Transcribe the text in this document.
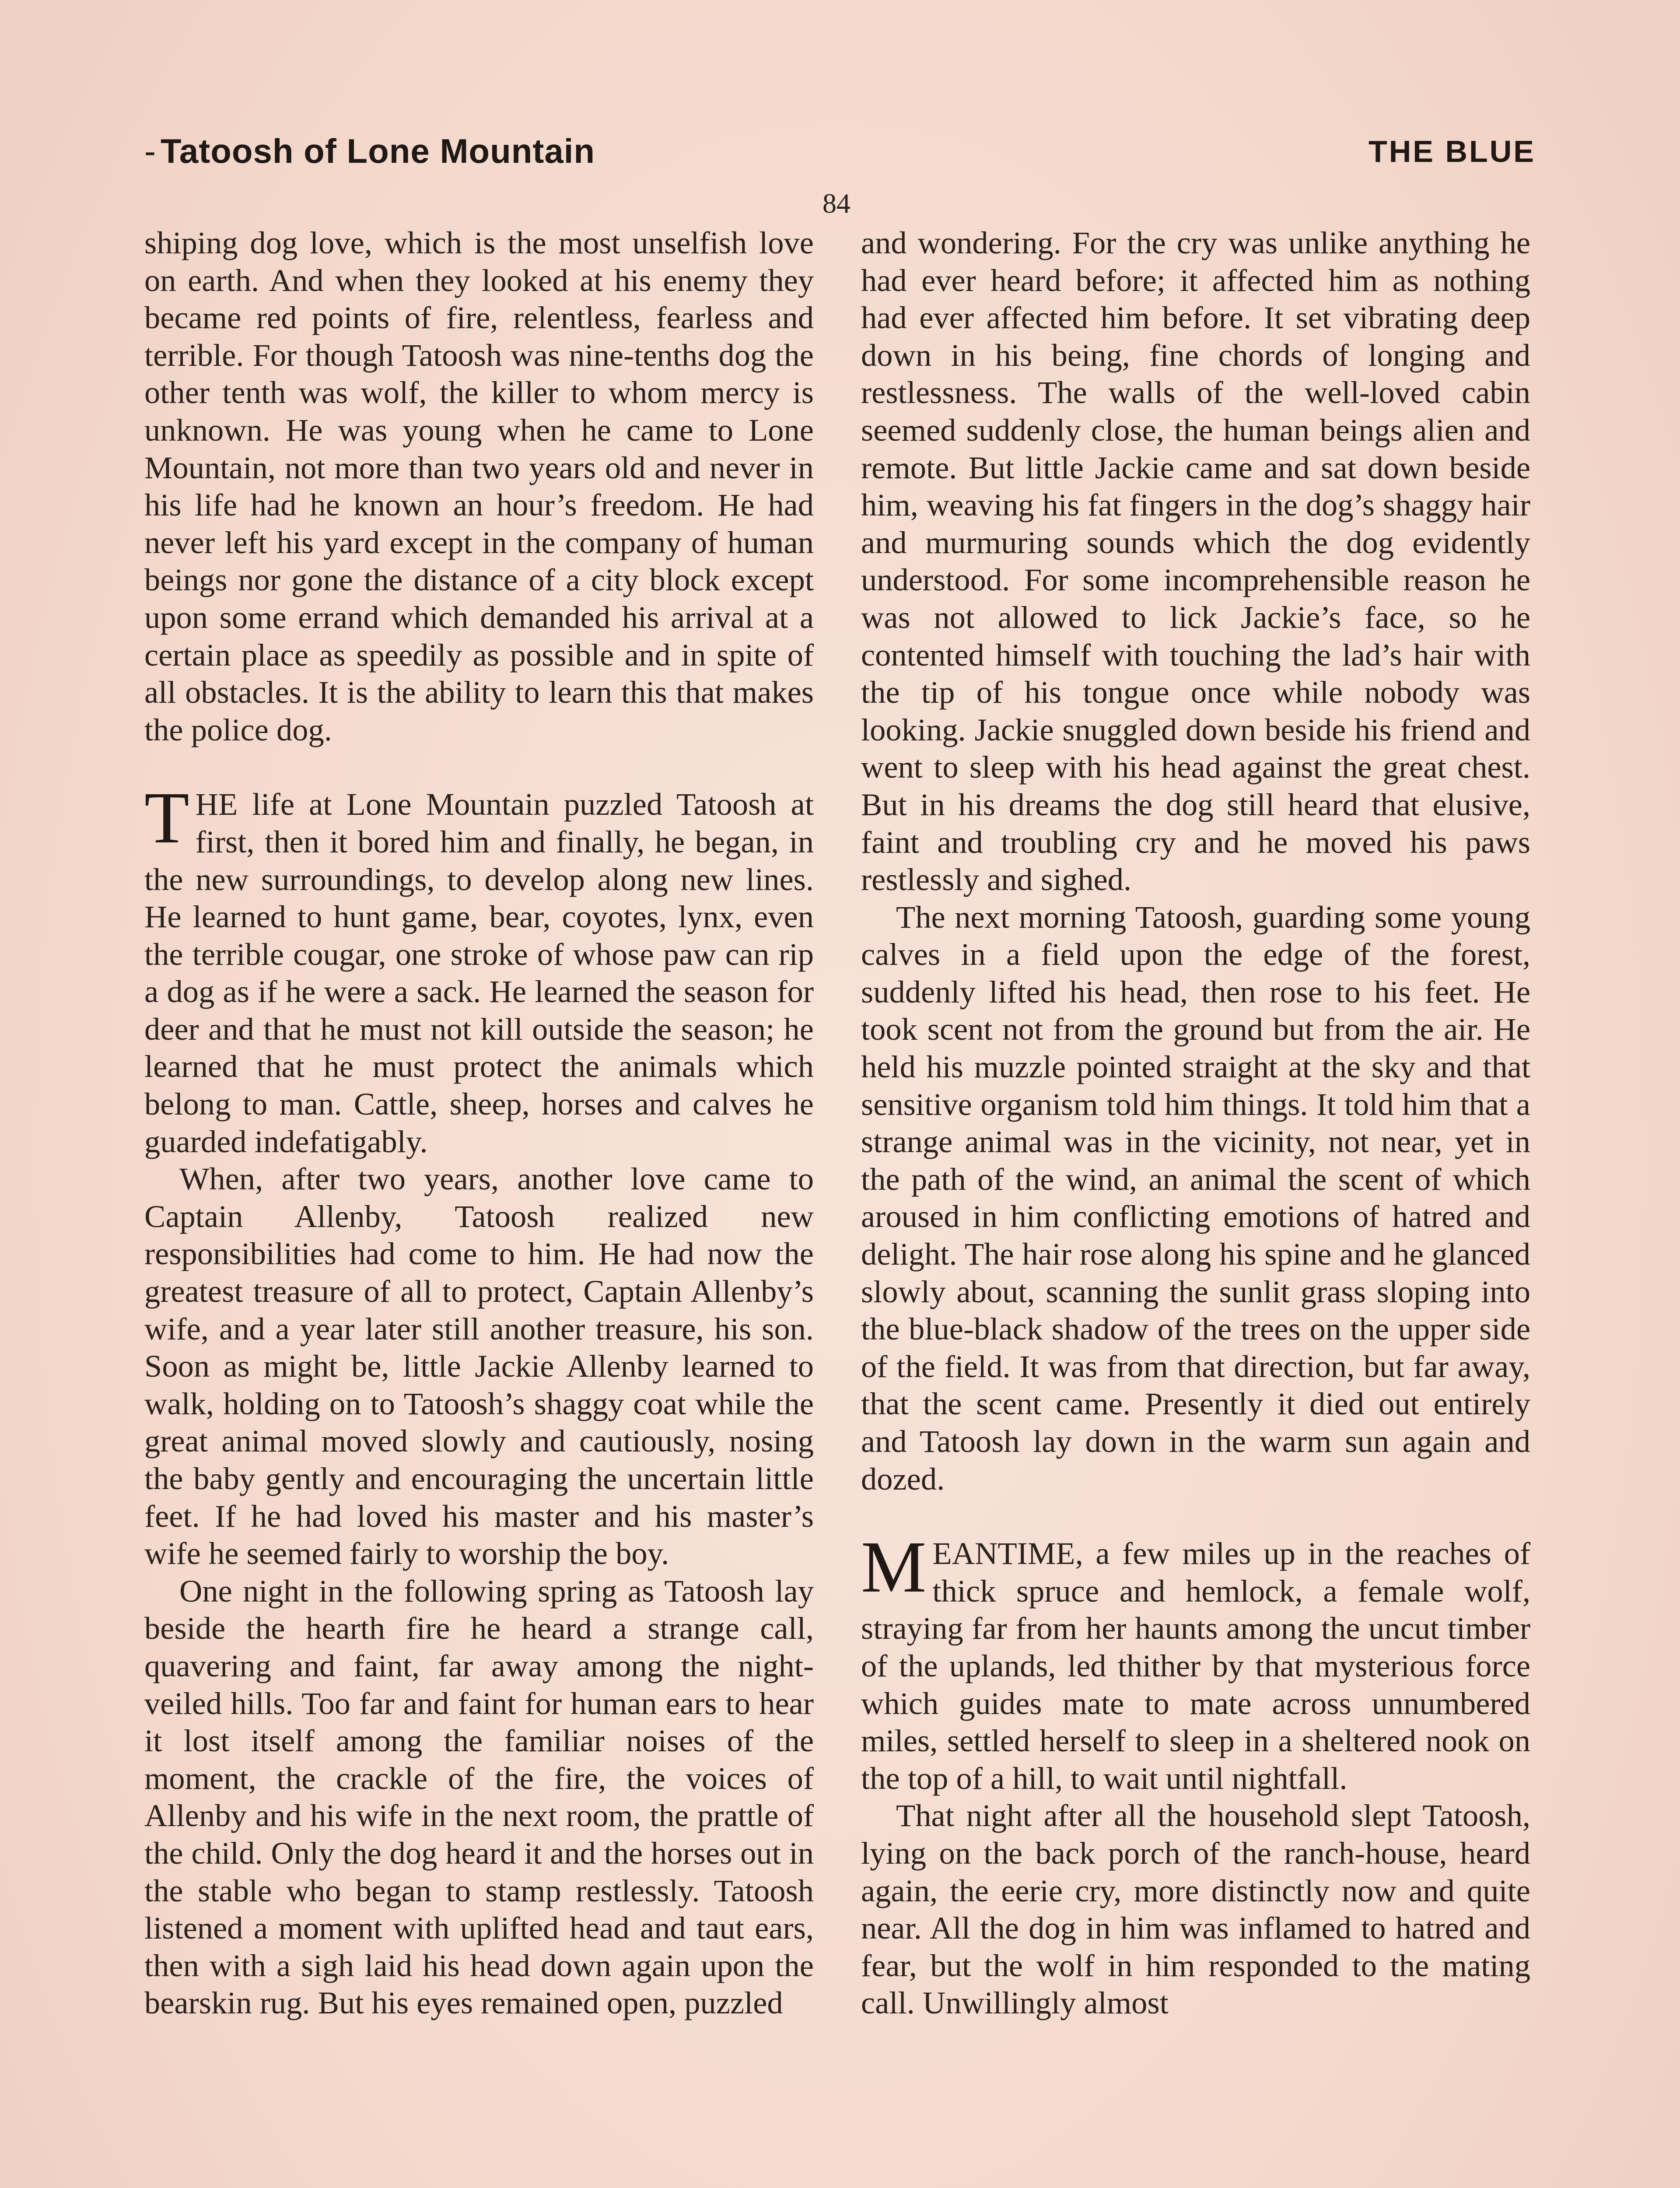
- Tatoosh of Lone Mountain	THE BLUE
84

shiping dog love, which is the most unselfish love on earth. And when they looked at his enemy they became red points of fire, relentless, fearless and terrible. For though Tatoosh was nine-tenths dog the other tenth was wolf, the killer to whom mercy is unknown. He was young when he came to Lone Mountain, not more than two years old and never in his life had he known an hour’s freedom. He had never left his yard except in the company of human beings nor gone the distance of a city block except upon some errand which demanded his arrival at a certain place as speedily as possible and in spite of all obstacles. It is the ability to learn this that makes the police dog.

THE life at Lone Mountain puzzled Tatoosh at first, then it bored him and finally, he began, in the new surroundings, to develop along new lines. He learned to hunt game, bear, coyotes, lynx, even the terrible cougar, one stroke of whose paw can rip a dog as if he were a sack. He learned the season for deer and that he must not kill outside the season; he learned that he must protect the animals which belong to man. Cattle, sheep, horses and calves he guarded indefatigably.

When, after two years, another love came to Captain Allenby, Tatoosh realized new responsibilities had come to him. He had now the greatest treasure of all to protect, Captain Allenby’s wife, and a year later still another treasure, his son. Soon as might be, little Jackie Allenby learned to walk, holding on to Tatoosh’s shaggy coat while the great animal moved slowly and cautiously, nosing the baby gently and encouraging the uncertain little feet. If he had loved his master and his master’s wife he seemed fairly to worship the boy.

One night in the following spring as Tatoosh lay beside the hearth fire he heard a strange call, quavering and faint, far away among the night-veiled hills. Too far and faint for human ears to hear it lost itself among the familiar noises of the moment, the crackle of the fire, the voices of Allenby and his wife in the next room, the prattle of the child. Only the dog heard it and the horses out in the stable who began to stamp restlessly. Tatoosh listened a moment with uplifted head and taut ears, then with a sigh laid his head down again upon the bearskin rug. But his eyes remained open, puzzled

and wondering. For the cry was unlike anything he had ever heard before; it affected him as nothing had ever affected him before. It set vibrating deep down in his being, fine chords of longing and restlessness. The walls of the well-loved cabin seemed suddenly close, the human beings alien and remote. But little Jackie came and sat down beside him, weaving his fat fingers in the dog’s shaggy hair and murmuring sounds which the dog evidently understood. For some incomprehensible reason he was not allowed to lick Jackie’s face, so he contented himself with touching the lad’s hair with the tip of his tongue once while nobody was looking. Jackie snuggled down beside his friend and went to sleep with his head against the great chest. But in his dreams the dog still heard that elusive, faint and troubling cry and he moved his paws restlessly and sighed.

The next morning Tatoosh, guarding some young calves in a field upon the edge of the forest, suddenly lifted his head, then rose to his feet. He took scent not from the ground but from the air. He held his muzzle pointed straight at the sky and that sensitive organism told him things. It told him that a strange animal was in the vicinity, not near, yet in the path of the wind, an animal the scent of which aroused in him conflicting emotions of hatred and delight. The hair rose along his spine and he glanced slowly about, scanning the sunlit grass sloping into the blue-black shadow of the trees on the upper side of the field. It was from that direction, but far away, that the scent came. Presently it died out entirely and Tatoosh lay down in the warm sun again and dozed.

MEANTIME, a few miles up in the reaches of thick spruce and hemlock, a female wolf, straying far from her haunts among the uncut timber of the uplands, led thither by that mysterious force which guides mate to mate across unnumbered miles, settled herself to sleep in a sheltered nook on the top of a hill, to wait until nightfall.

That night after all the household slept Tatoosh, lying on the back porch of the ranch-house, heard again, the eerie cry, more distinctly now and quite near. All the dog in him was inflamed to hatred and fear, but the wolf in him responded to the mating call. Unwillingly almost
